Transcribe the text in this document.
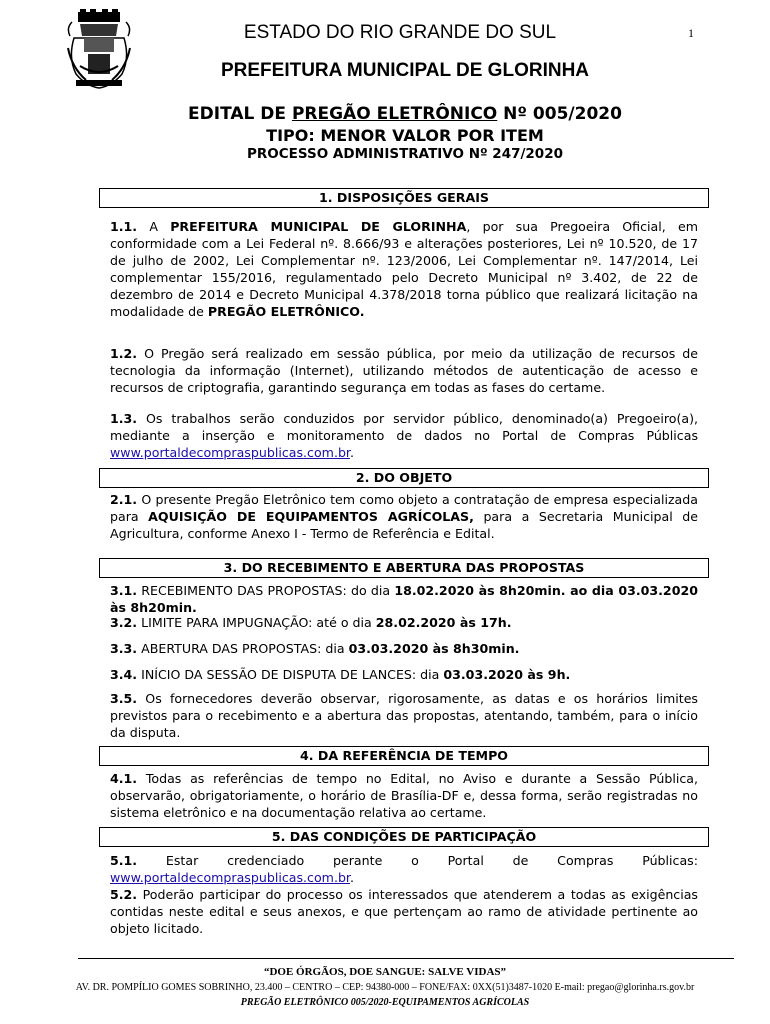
ESTADO DO RIO GRANDE DO SUL	1
PREFEITURA MUNICIPAL DE GLORINHA
EDITAL DE PREGÃO ELETRÔNICO Nº 005/2020
TIPO: MENOR VALOR POR ITEM
PROCESSO ADMINISTRATIVO Nº 247/2020
1. DISPOSIÇÕES GERAIS
1.1. A PREFEITURA MUNICIPAL DE GLORINHA, por sua Pregoeira Oficial, em conformidade com a Lei Federal nº. 8.666/93 e alterações posteriores, Lei nº 10.520, de 17 de julho de 2002, Lei Complementar nº. 123/2006, Lei Complementar nº. 147/2014, Lei complementar 155/2016, regulamentado pelo Decreto Municipal nº 3.402, de 22 de dezembro de 2014 e Decreto Municipal 4.378/2018 torna público que realizará licitação na modalidade de PREGÃO ELETRÔNICO.
1.2. O Pregão será realizado em sessão pública, por meio da utilização de recursos de tecnologia da informação (Internet), utilizando métodos de autenticação de acesso e recursos de criptografia, garantindo segurança em todas as fases do certame.
1.3. Os trabalhos serão conduzidos por servidor público, denominado(a) Pregoeiro(a), mediante a inserção e monitoramento de dados no Portal de Compras Públicas www.portaldecompraspublicas.com.br.
2. DO OBJETO
2.1. O presente Pregão Eletrônico tem como objeto a contratação de empresa especializada para AQUISIÇÃO DE EQUIPAMENTOS AGRÍCOLAS, para a Secretaria Municipal de Agricultura, conforme Anexo I - Termo de Referência e Edital.
3. DO RECEBIMENTO E ABERTURA DAS PROPOSTAS
3.1. RECEBIMENTO DAS PROPOSTAS: do dia 18.02.2020 às 8h20min. ao dia 03.03.2020 às 8h20min.
3.2. LIMITE PARA IMPUGNAÇÃO: até o dia 28.02.2020 às 17h.
3.3. ABERTURA DAS PROPOSTAS: dia 03.03.2020 às 8h30min.
3.4. INÍCIO DA SESSÃO DE DISPUTA DE LANCES: dia 03.03.2020 às 9h.
3.5. Os fornecedores deverão observar, rigorosamente, as datas e os horários limites previstos para o recebimento e a abertura das propostas, atentando, também, para o início da disputa.
4. DA REFERÊNCIA DE TEMPO
4.1. Todas as referências de tempo no Edital, no Aviso e durante a Sessão Pública, observarão, obrigatoriamente, o horário de Brasília-DF e, dessa forma, serão registradas no sistema eletrônico e na documentação relativa ao certame.
5. DAS CONDIÇÕES DE PARTICIPAÇÃO
5.1. Estar credenciado perante o Portal de Compras Públicas:
www.portaldecompraspublicas.com.br.
5.2. Poderão participar do processo os interessados que atenderem a todas as exigências contidas neste edital e seus anexos, e que pertençam ao ramo de atividade pertinente ao objeto licitado.
“DOE ÓRGÃOS, DOE SANGUE: SALVE VIDAS”
AV. DR. POMPÍLIO GOMES SOBRINHO, 23.400 – CENTRO – CEP: 94380-000 – FONE/FAX: 0XX(51)3487-1020 E-mail: pregao@glorinha.rs.gov.br
PREGÃO ELETRÔNICO 005/2020-EQUIPAMENTOS AGRÍCOLAS
